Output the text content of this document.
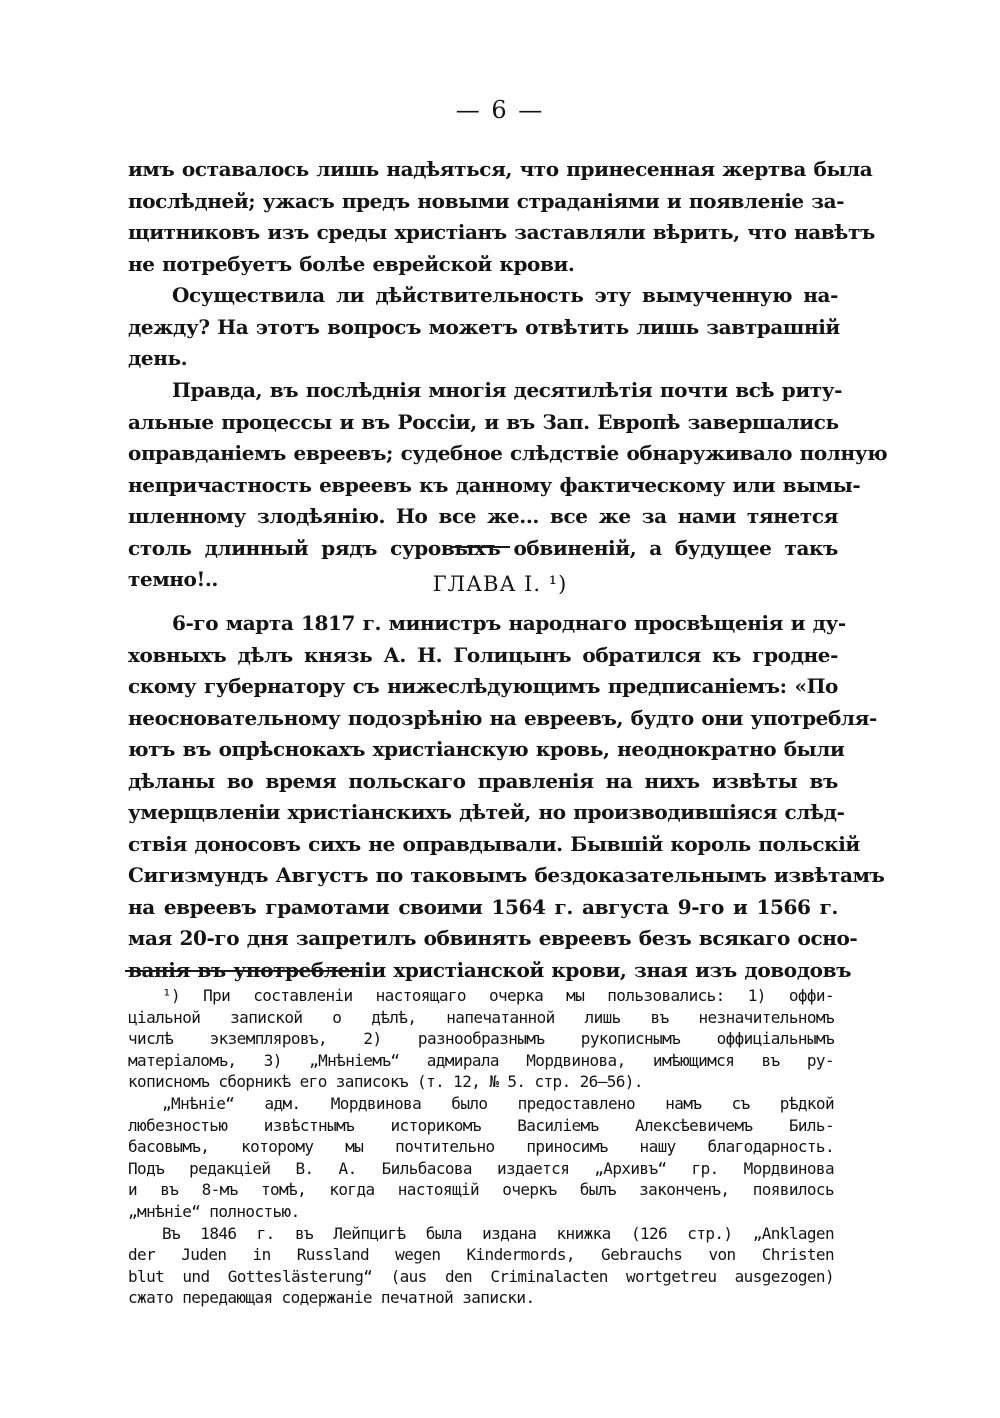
— 6 —
имъ оставалось лишь надѣяться, что принесенная жертва была
послѣдней; ужасъ предъ новыми страданіями и появленіе за-
щитниковъ изъ среды христіанъ заставляли вѣрить, что навѣтъ
не потребуетъ болѣе еврейской крови.
Осуществила ли дѣйствительность эту вымученную на-
дежду? На этотъ вопросъ можетъ отвѣтить лишь завтрашній
день.
Правда, въ послѣднія многія десятилѣтія почти всѣ риту-
альные процессы и въ Россіи, и въ Зап. Европѣ завершались
оправданіемъ евреевъ; судебное слѣдствіе обнаруживало полную
непричастность евреевъ къ данному фактическому или вымы-
шленному злодѣянію. Но все же... все же за нами тянется
столь длинный рядъ суровыхъ обвиненій, а будущее такъ
темно!..	ГЛАВА I. ¹)
6-го марта 1817 г. министръ народнаго просвѣщенія и ду-
ховныхъ дѣлъ князь А. Н. Голицынъ обратился къ гродне-
скому губернатору съ нижеслѣдующимъ предписаніемъ: «По
неосновательному подозрѣнію на евреевъ, будто они употребля-
ютъ въ опрѣснокахъ христіанскую кровь, неоднократно были
дѣланы во время польскаго правленія на нихъ извѣты въ
умерщвленіи христіанскихъ дѣтей, но производившіяся слѣд-
ствія доносовъ сихъ не оправдывали. Бывшій король польскій
Сигизмундъ Августъ по таковымъ бездоказательнымъ извѣтамъ
на евреевъ грамотами своими 1564 г. августа 9-го и 1566 г.
мая 20-го дня запретилъ обвинять евреевъ безъ всякаго осно-
ванія въ употребленіи христіанской крови, зная изъ доводовъ
¹) При составленіи настоящаго очерка мы пользовались: 1) оффи-
ціальной запиской о дѣлѣ, напечатанной лишь въ незначительномъ
числѣ экземпляровъ, 2) разнообразнымъ рукописнымъ оффиціальнымъ
матеріаломъ, 3) „Мнѣніемъ“ адмирала Мордвинова, имѣющимся въ ру-
кописномъ сборникѣ его записокъ (т. 12, № 5. стр. 26—56).
„Мнѣніе“ адм. Мордвинова было предоставлено намъ съ рѣдкой
любезностью извѣстнымъ историкомъ Василіемъ Алексѣевичемъ Биль-
басовымъ, которому мы почтительно приносимъ нашу благодарность.
Подъ редакціей В. А. Бильбасова издается „Архивъ“ гр. Мордвинова
и въ 8-мъ томѣ, когда настоящій очеркъ былъ законченъ, появилось
„мнѣніе“ полностью.
Въ 1846 г. въ Лейпцигѣ была издана книжка (126 стр.) „Anklagen
der Juden in Russland wegen Kindermords, Gebrauchs von Christen
blut und Gotteslästerung“ (aus den Criminalacten wortgetreu ausgezogen)
сжато передающая содержаніе печатной записки.
